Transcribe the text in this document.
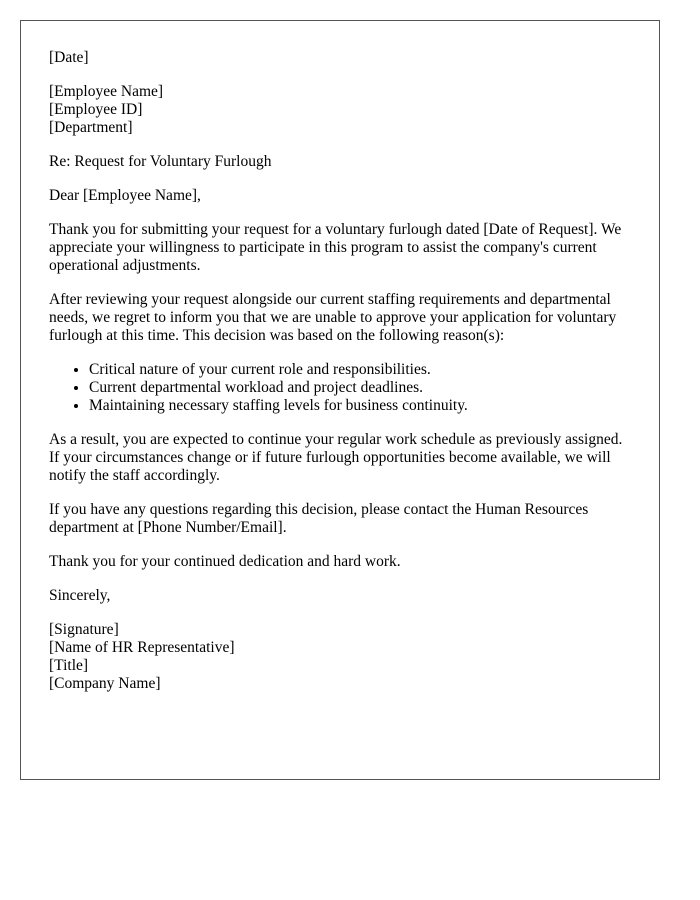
[Date]
[Employee Name]
[Employee ID]
[Department]

Re: Request for Voluntary Furlough

Dear [Employee Name],

Thank you for submitting your request for a voluntary furlough dated [Date of Request]. We appreciate your willingness to participate in this program to assist the company's current operational adjustments.

After reviewing your request alongside our current staffing requirements and departmental needs, we regret to inform you that we are unable to approve your application for voluntary furlough at this time. This decision was based on the following reason(s):

• Critical nature of your current role and responsibilities.
• Current departmental workload and project deadlines.
• Maintaining necessary staffing levels for business continuity.

As a result, you are expected to continue your regular work schedule as previously assigned. If your circumstances change or if future furlough opportunities become available, we will notify the staff accordingly.

If you have any questions regarding this decision, please contact the Human Resources department at [Phone Number/Email].

Thank you for your continued dedication and hard work.

Sincerely,

[Signature]
[Name of HR Representative]
[Title]
[Company Name]
